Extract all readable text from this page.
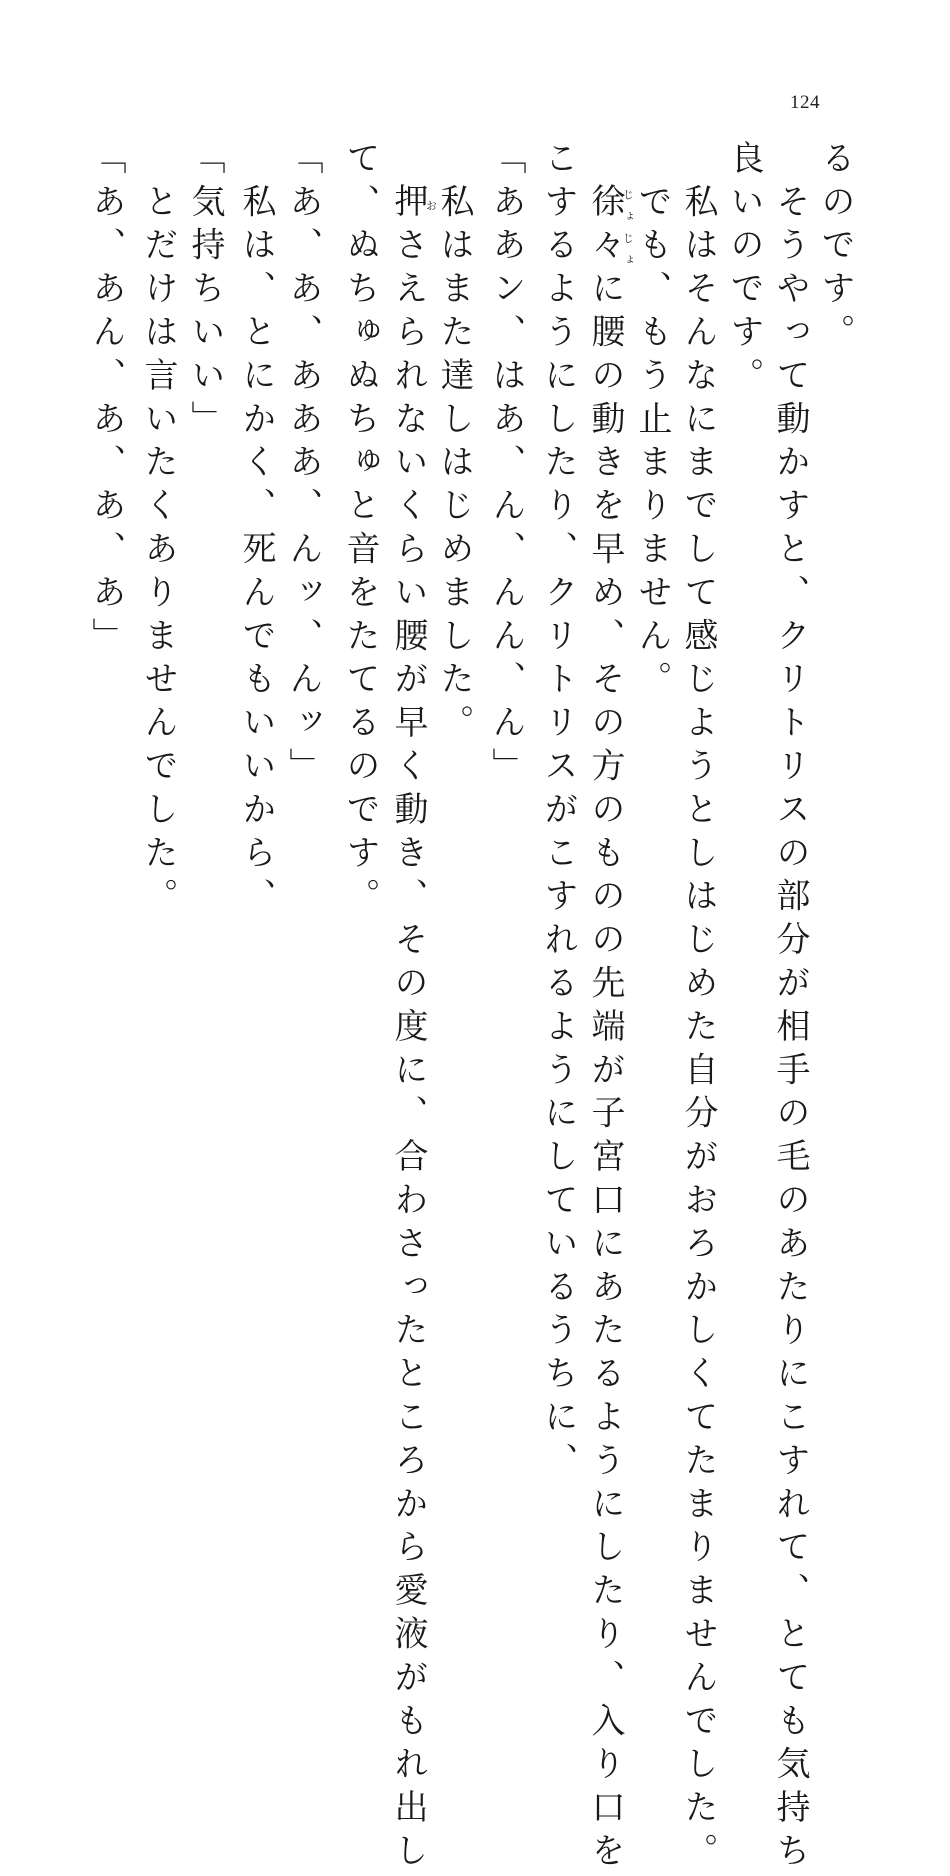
124
るのです。
　そうやって動かすと、クリトリスの部分が相手の毛のあたりにこすれて、とても気持ち
良いのです。
　私はそんなにまでして感じようとしはじめた自分がおろかしくてたまりませんでした。
　でも、もう止まりません。
　徐々じょじょに腰の動きを早め、その方のものの先端が子宮口にあたるようにしたり、入り口を
こするようにしたり、クリトリスがこすれるようにしているうちに、
「ああン、はあ、ん、んん、ん」
　私はまた達しはじめました。
　押おさえられないくらい腰が早く動き、その度に、合わさったところから愛液がもれ出し
て、ぬちゅぬちゅと音をたてるのです。
「あ、あ、あああ、んッ、んッ」
　私は、とにかく、死んでもいいから、
「気持ちいい」
　とだけは言いたくありませんでした。
「あ、あん、あ、あ、あ」
